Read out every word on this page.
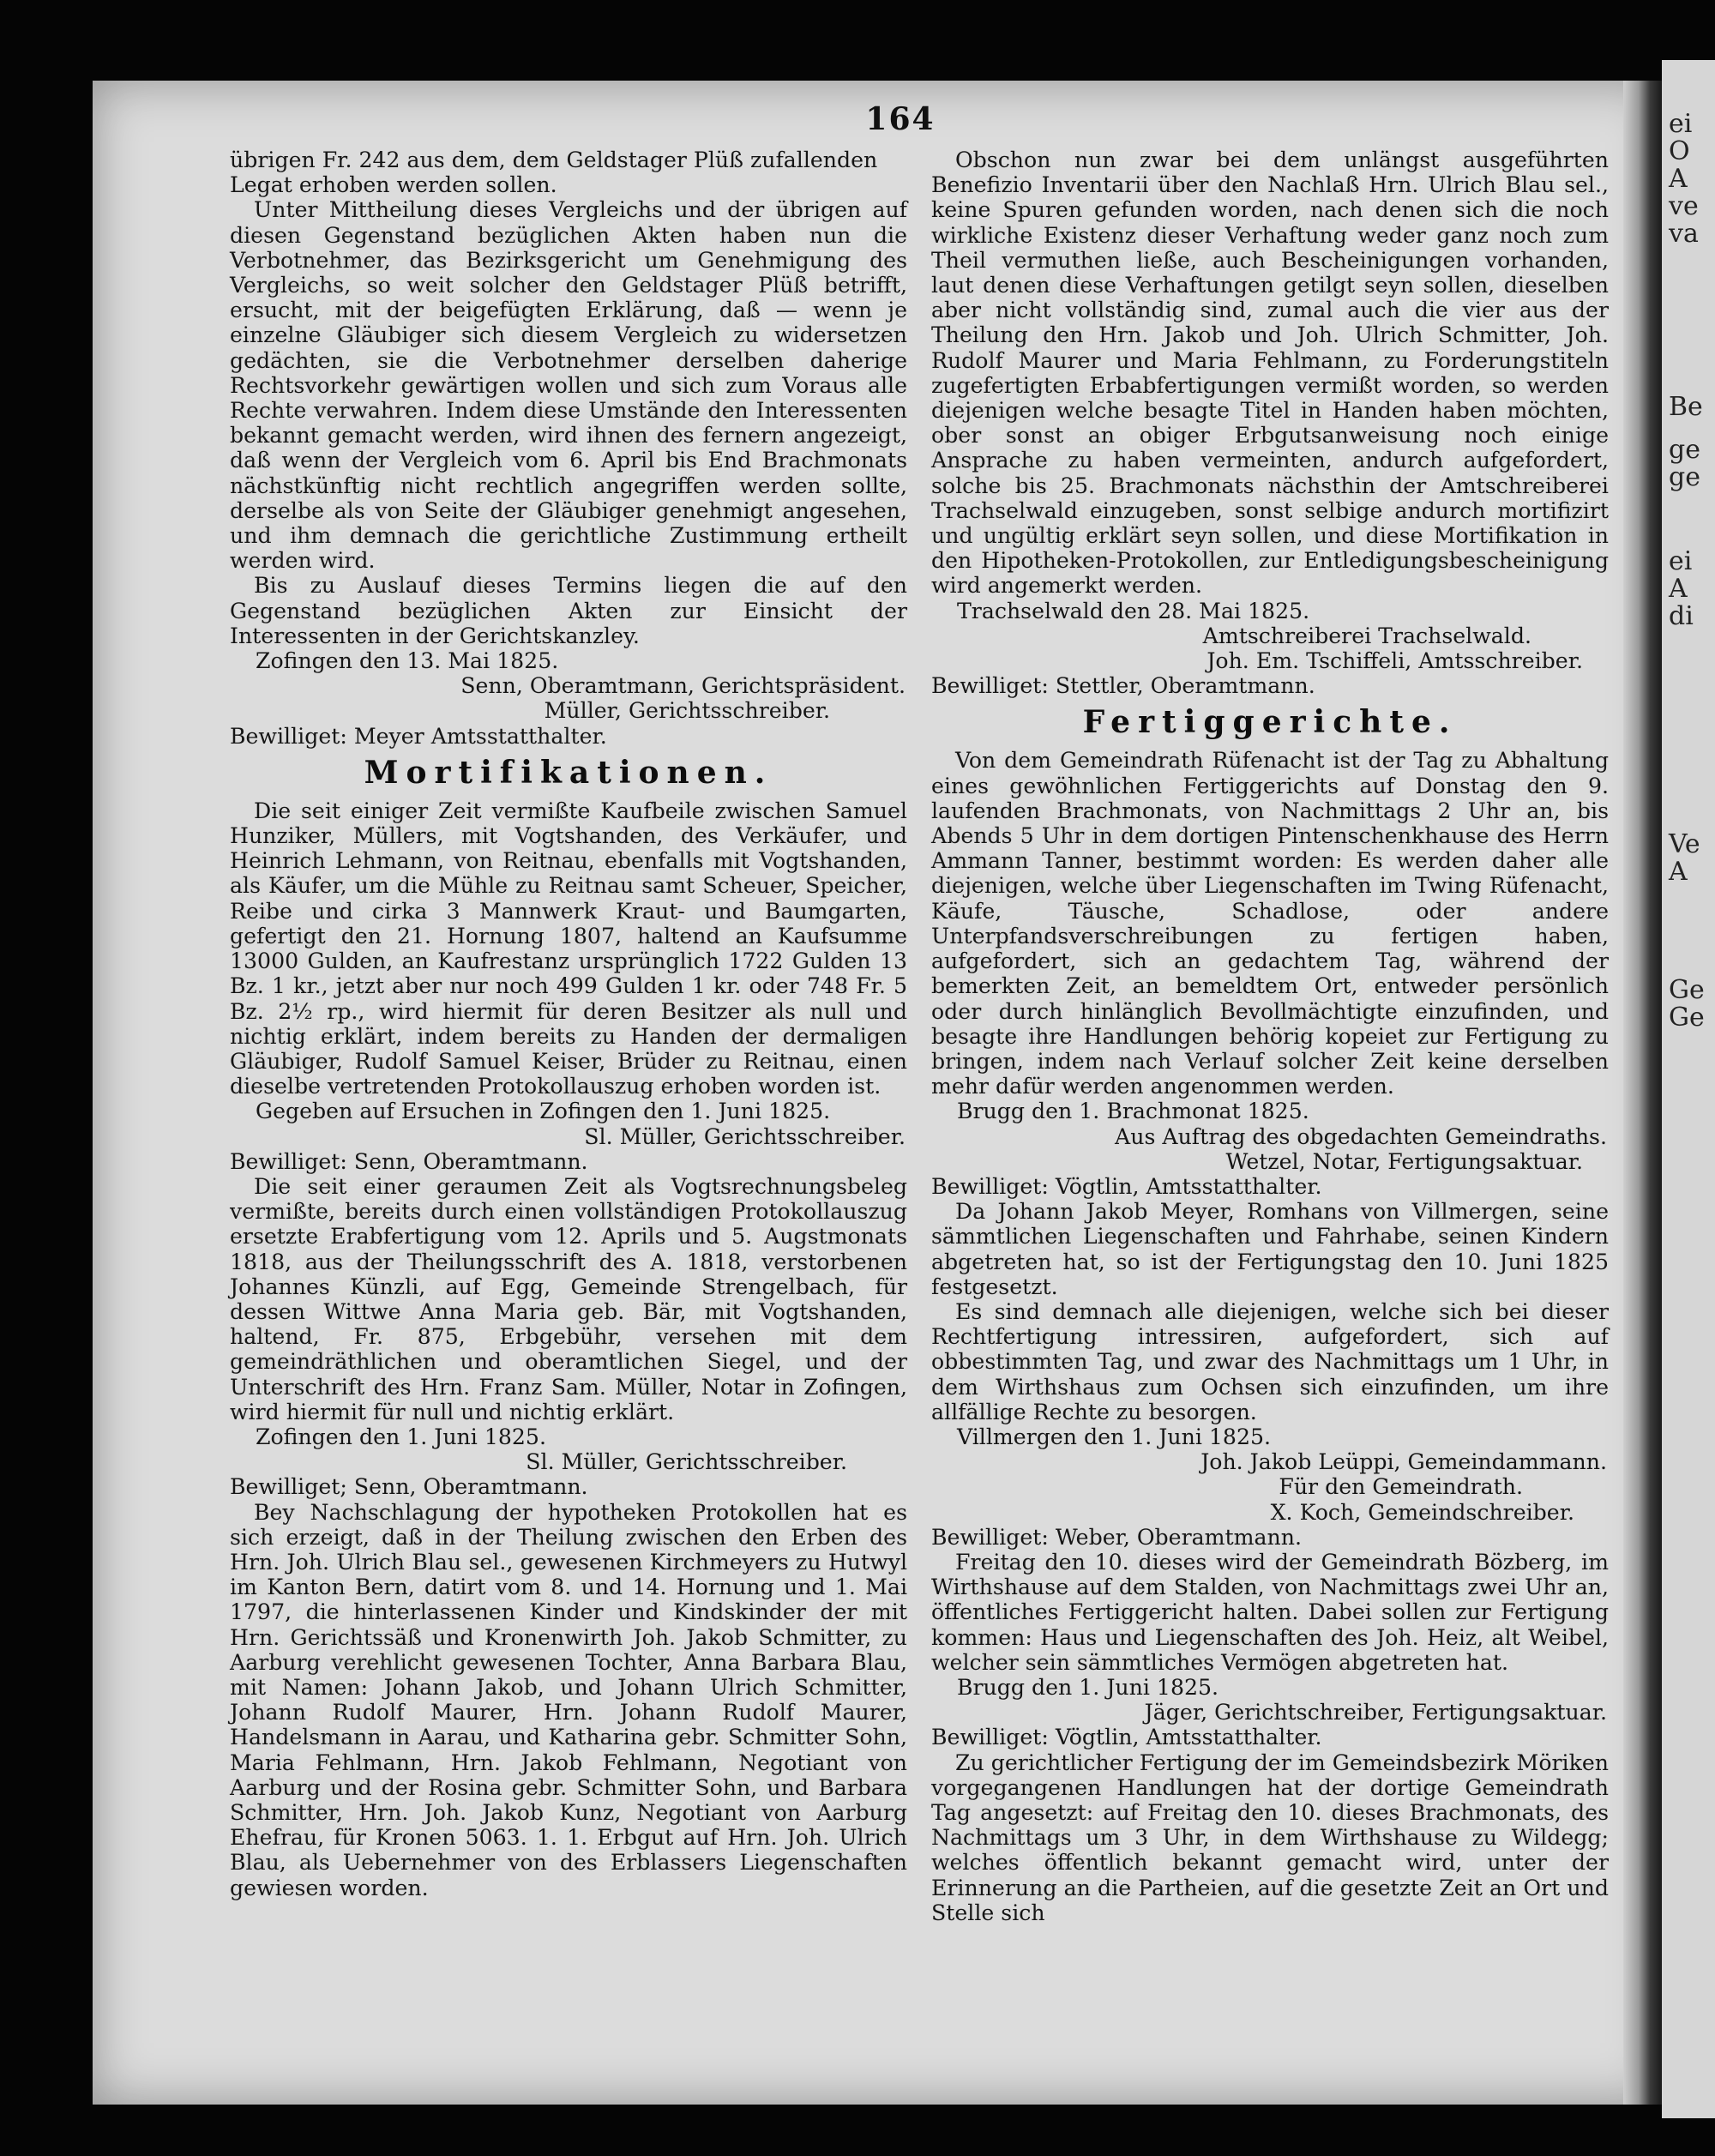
ei
O
A
ve
va
Be
ge
ge
ei
A
di
Ve
A
Ge
Ge
164
übrigen Fr. 242 aus dem, dem Geldstager Plüß zufallenden
Legat erhoben werden sollen.

Unter Mittheilung dieses Vergleichs und der übrigen auf diesen Gegenstand bezüglichen Akten haben nun die Verbotnehmer, das Bezirksgericht um Genehmigung des Vergleichs, so weit solcher den Geldstager Plüß betrifft, ersucht, mit der beigefügten Erklärung, daß — wenn je einzelne Gläubiger sich diesem Vergleich zu widersetzen gedächten, sie die Verbotnehmer derselben daherige Rechtsvorkehr gewärtigen wollen und sich zum Voraus alle Rechte verwahren. Indem diese Umstände den Interessenten bekannt gemacht werden, wird ihnen des fernern angezeigt, daß wenn der Vergleich vom 6. April bis End Brachmonats nächstkünftig nicht rechtlich angegriffen werden sollte, derselbe als von Seite der Gläubiger genehmigt angesehen, und ihm demnach die gerichtliche Zustimmung ertheilt werden wird.

Bis zu Auslauf dieses Termins liegen die auf den Gegenstand bezüglichen Akten zur Einsicht der Interessenten in der Gerichtskanzley.

Zofingen den 13. Mai 1825.
Senn, Oberamtmann, Gerichtspräsident.
Müller, Gerichtsschreiber.
Bewilliget: Meyer Amtsstatthalter.
Mortifikationen.

Die seit einiger Zeit vermißte Kaufbeile zwischen Samuel Hunziker, Müllers, mit Vogtshanden, des Verkäufer, und Heinrich Lehmann, von Reitnau, ebenfalls mit Vogtshanden, als Käufer, um die Mühle zu Reitnau samt Scheuer, Speicher, Reibe und cirka 3 Mannwerk Kraut- und Baumgarten, gefertigt den 21. Hornung 1807, haltend an Kaufsumme 13000 Gulden, an Kaufrestanz ursprünglich 1722 Gulden 13 Bz. 1 kr., jetzt aber nur noch 499 Gulden 1 kr. oder 748 Fr. 5 Bz. 2½ rp., wird hiermit für deren Besitzer als null und nichtig erklärt, indem bereits zu Handen der dermaligen Gläubiger, Rudolf Samuel Keiser, Brüder zu Reitnau, einen dieselbe vertretenden Protokollauszug erhoben worden ist.

Gegeben auf Ersuchen in Zofingen den 1. Juni 1825.
Sl. Müller, Gerichtsschreiber.
Bewilliget: Senn, Oberamtmann.

Die seit einer geraumen Zeit als Vogtsrechnungsbeleg vermißte, bereits durch einen vollständigen Protokollauszug ersetzte Erabfertigung vom 12. Aprils und 5. Augstmonats 1818, aus der Theilungsschrift des A. 1818, verstorbenen Johannes Künzli, auf Egg, Gemeinde Strengelbach, für dessen Wittwe Anna Maria geb. Bär, mit Vogtshanden, haltend, Fr. 875, Erbgebühr, versehen mit dem gemeindräthlichen und oberamtlichen Siegel, und der Unterschrift des Hrn. Franz Sam. Müller, Notar in Zofingen, wird hiermit für null und nichtig erklärt.

Zofingen den 1. Juni 1825.
Sl. Müller, Gerichtsschreiber.
Bewilliget; Senn, Oberamtmann.

Bey Nachschlagung der hypotheken Protokollen hat es sich erzeigt, daß in der Theilung zwischen den Erben des Hrn. Joh. Ulrich Blau sel., gewesenen Kirchmeyers zu Hutwyl im Kanton Bern, datirt vom 8. und 14. Hornung und 1. Mai 1797, die hinterlassenen Kinder und Kindskinder der mit Hrn. Gerichtssäß und Kronenwirth Joh. Jakob Schmitter, zu Aarburg verehlicht gewesenen Tochter, Anna Barbara Blau, mit Namen: Johann Jakob, und Johann Ulrich Schmitter, Johann Rudolf Maurer, Hrn. Johann Rudolf Maurer, Handelsmann in Aarau, und Katharina gebr. Schmitter Sohn, Maria Fehlmann, Hrn. Jakob Fehlmann, Negotiant von Aarburg und der Rosina gebr. Schmitter Sohn, und Barbara Schmitter, Hrn. Joh. Jakob Kunz, Negotiant von Aarburg Ehefrau, für Kronen 5063. 1. 1. Erbgut auf Hrn. Joh. Ulrich Blau, als Uebernehmer von des Erblassers Liegenschaften gewiesen worden.

Obschon nun zwar bei dem unlängst ausgeführten Benefizio Inventarii über den Nachlaß Hrn. Ulrich Blau sel., keine Spuren gefunden worden, nach denen sich die noch wirkliche Existenz dieser Verhaftung weder ganz noch zum Theil vermuthen ließe, auch Bescheinigungen vorhanden, laut denen diese Verhaftungen getilgt seyn sollen, dieselben aber nicht vollständig sind, zumal auch die vier aus der Theilung den Hrn. Jakob und Joh. Ulrich Schmitter, Joh. Rudolf Maurer und Maria Fehlmann, zu Forderungstiteln zugefertigten Erbabfertigungen vermißt worden, so werden diejenigen welche besagte Titel in Handen haben möchten, ober sonst an obiger Erbgutsanweisung noch einige Ansprache zu haben vermeinten, andurch aufgefordert, solche bis 25. Brachmonats nächsthin der Amtschreiberei Trachselwald einzugeben, sonst selbige andurch mortifizirt und ungültig erklärt seyn sollen, und diese Mortifikation in den Hipotheken-Protokollen, zur Entledigungsbescheinigung wird angemerkt werden.

Trachselwald den 28. Mai 1825.
Amtschreiberei Trachselwald.
Joh. Em. Tschiffeli, Amtsschreiber.
Bewilliget: Stettler, Oberamtmann.
Fertiggerichte.

Von dem Gemeindrath Rüfenacht ist der Tag zu Abhaltung eines gewöhnlichen Fertiggerichts auf Donstag den 9. laufenden Brachmonats, von Nachmittags 2 Uhr an, bis Abends 5 Uhr in dem dortigen Pintenschenkhause des Herrn Ammann Tanner, bestimmt worden: Es werden daher alle diejenigen, welche über Liegenschaften im Twing Rüfenacht, Käufe, Täusche, Schadlose, oder andere Unterpfandsverschreibungen zu fertigen haben, aufgefordert, sich an gedachtem Tag, während der bemerkten Zeit, an bemeldtem Ort, entweder persönlich oder durch hinlänglich Bevollmächtigte einzufinden, und besagte ihre Handlungen behörig kopeiet zur Fertigung zu bringen, indem nach Verlauf solcher Zeit keine derselben mehr dafür werden angenommen werden.

Brugg den 1. Brachmonat 1825.
Aus Auftrag des obgedachten Gemeindraths.
Wetzel, Notar, Fertigungsaktuar.
Bewilliget: Vögtlin, Amtsstatthalter.

Da Johann Jakob Meyer, Romhans von Villmergen, seine sämmtlichen Liegenschaften und Fahrhabe, seinen Kindern abgetreten hat, so ist der Fertigungstag den 10. Juni 1825 festgesetzt.

Es sind demnach alle diejenigen, welche sich bei dieser Rechtfertigung intressiren, aufgefordert, sich auf obbestimmten Tag, und zwar des Nachmittags um 1 Uhr, in dem Wirthshaus zum Ochsen sich einzufinden, um ihre allfällige Rechte zu besorgen.

Villmergen den 1. Juni 1825.
Joh. Jakob Leüppi, Gemeindammann.
Für den Gemeindrath.
X. Koch, Gemeindschreiber.
Bewilliget: Weber, Oberamtmann.

Freitag den 10. dieses wird der Gemeindrath Bözberg, im Wirthshause auf dem Stalden, von Nachmittags zwei Uhr an, öffentliches Fertiggericht halten. Dabei sollen zur Fertigung kommen: Haus und Liegenschaften des Joh. Heiz, alt Weibel, welcher sein sämmtliches Vermögen abgetreten hat.

Brugg den 1. Juni 1825.
Jäger, Gerichtschreiber, Fertigungsaktuar.
Bewilliget: Vögtlin, Amtsstatthalter.

Zu gerichtlicher Fertigung der im Gemeindsbezirk Möriken vorgegangenen Handlungen hat der dortige Gemeindrath Tag angesetzt: auf Freitag den 10. dieses Brachmonats, des Nachmittags um 3 Uhr, in dem Wirthshause zu Wildegg; welches öffentlich bekannt gemacht wird, unter der Erinnerung an die Partheien, auf die gesetzte Zeit an Ort und Stelle sich
